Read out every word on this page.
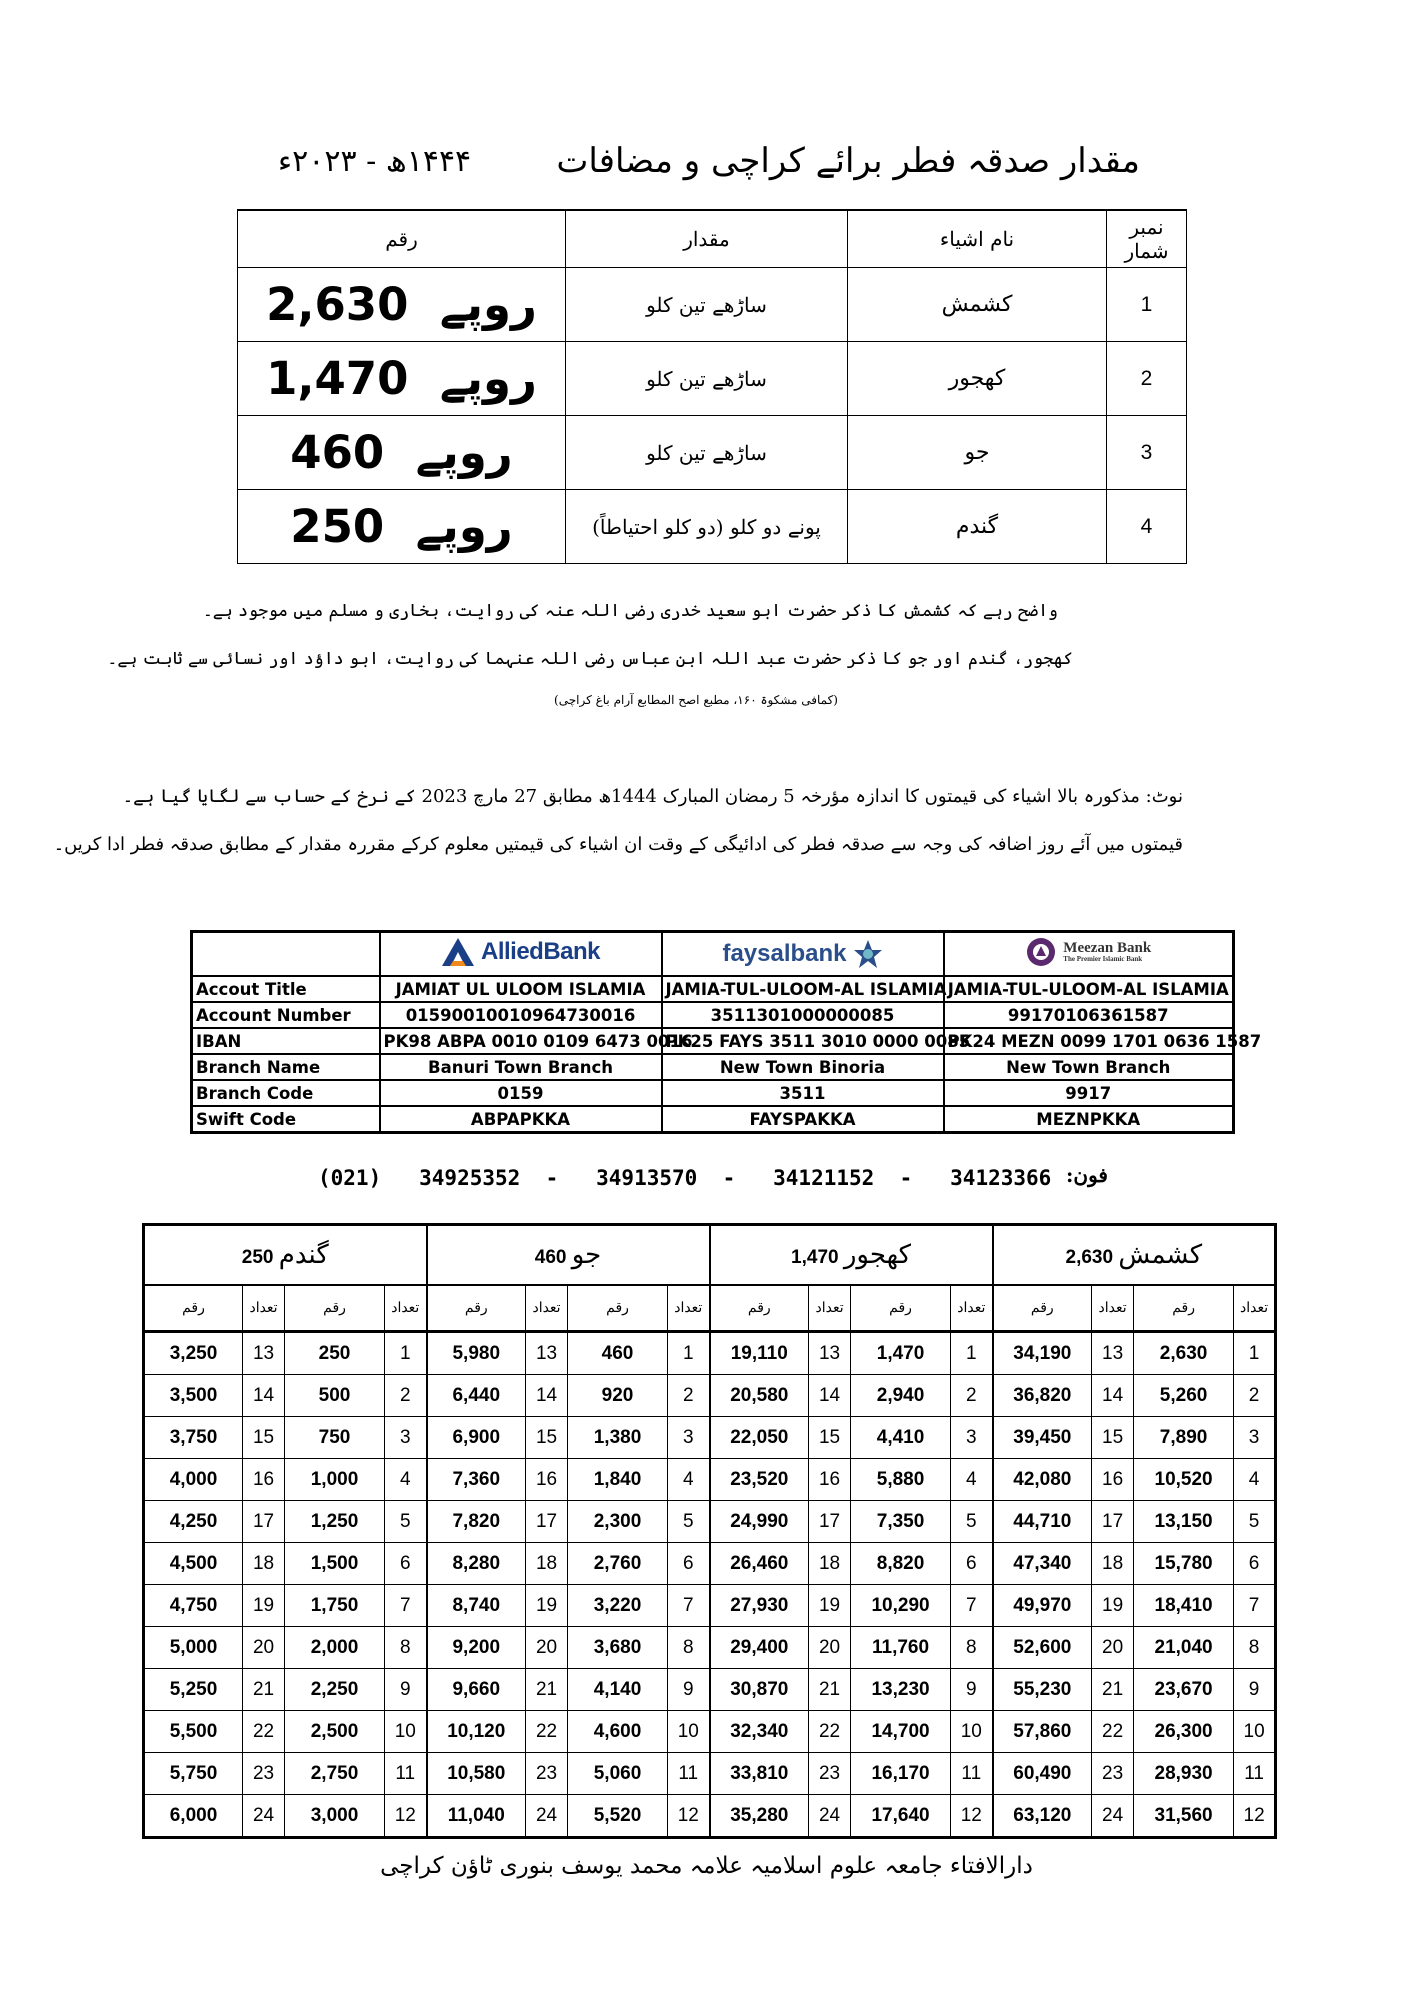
مقدار صدقہ فطر برائے کراچی و مضافات
۱۴۴۴ھ - ۲۰۲۳ء
نمبر شمار	نام اشیاء	مقدار	رقم
1	کشمش	ساڑھے تین کلو	روپے  2,630
2	کھجور	ساڑھے تین کلو	روپے  1,470
3	جو	ساڑھے تین کلو	روپے  460
4	گندم	پونے دو کلو (دو کلو احتیاطاً)	روپے  250
واضح رہے کہ کشمش کا ذکر حضرت ابو سعید خدری رضی اللہ عنہ کی روایت، بخاری و مسلم میں موجود ہے۔
کھجور، گندم اور جو کا ذکر حضرت عبد اللہ ابن عباس رضی اللہ عنہما کی روایت، ابو داؤد اور نسائی سے ثابت ہے۔
(کمافی مشکوۃ ۱۶۰، مطبع اصح المطابع آرام باغ کراچی)
نوٹ: مذکورہ بالا اشیاء کی قیمتوں کا اندازہ مؤرخہ 5 رمضان المبارک 1444ھ مطابق 27 مارچ 2023 کے نرخ کے حساب سے لگایا گیا ہے۔
قیمتوں میں آئے روز اضافہ کی وجہ سے صدقہ فطر کی ادائیگی کے وقت ان اشیاء کی قیمتیں معلوم کرکے مقررہ مقدار کے مطابق صدقہ فطر ادا کریں۔

	AlliedBank	faysalbank	Meezan Bank
The Premier Islamic Bank

Accout Title	JAMIAT UL ULOOM ISLAMIA	JAMIA-TUL-ULOOM-AL ISLAMIA	JAMIA-TUL-ULOOM-AL ISLAMIA
Account Number	01590010010964730016	3511301000000085	99170106361587
IBAN	PK98 ABPA 0010 0109 6473 0016	PK25 FAYS 3511 3010 0000 0085	PK24 MEZN 0099 1701 0636 1587
Branch Name	Banuri Town Branch	New Town Binoria	New Town Branch
Branch Code	0159	3511	9917
Swift Code	ABPAPKKA	FAYSPAKKA	MEZNPKKA
(021)   34925352  -   34913570  -   34121152  -   34123366 فون:
کشمش 2,630				کھجور 1,470				جو 460				گندم 250			
تعداد	رقم	تعداد	رقم	تعداد	رقم	تعداد	رقم	تعداد	رقم	تعداد	رقم	تعداد	رقم	تعداد	رقم
1	2,630	13	34,190	1	1,470	13	19,110	1	460	13	5,980	1	250	13	3,250
2	5,260	14	36,820	2	2,940	14	20,580	2	920	14	6,440	2	500	14	3,500
3	7,890	15	39,450	3	4,410	15	22,050	3	1,380	15	6,900	3	750	15	3,750
4	10,520	16	42,080	4	5,880	16	23,520	4	1,840	16	7,360	4	1,000	16	4,000
5	13,150	17	44,710	5	7,350	17	24,990	5	2,300	17	7,820	5	1,250	17	4,250
6	15,780	18	47,340	6	8,820	18	26,460	6	2,760	18	8,280	6	1,500	18	4,500
7	18,410	19	49,970	7	10,290	19	27,930	7	3,220	19	8,740	7	1,750	19	4,750
8	21,040	20	52,600	8	11,760	20	29,400	8	3,680	20	9,200	8	2,000	20	5,000
9	23,670	21	55,230	9	13,230	21	30,870	9	4,140	21	9,660	9	2,250	21	5,250
10	26,300	22	57,860	10	14,700	22	32,340	10	4,600	22	10,120	10	2,500	22	5,500
11	28,930	23	60,490	11	16,170	23	33,810	11	5,060	23	10,580	11	2,750	23	5,750
12	31,560	24	63,120	12	17,640	24	35,280	12	5,520	24	11,040	12	3,000	24	6,000
دارالافتاء جامعہ علوم اسلامیہ علامہ محمد یوسف بنوری ٹاؤن کراچی
